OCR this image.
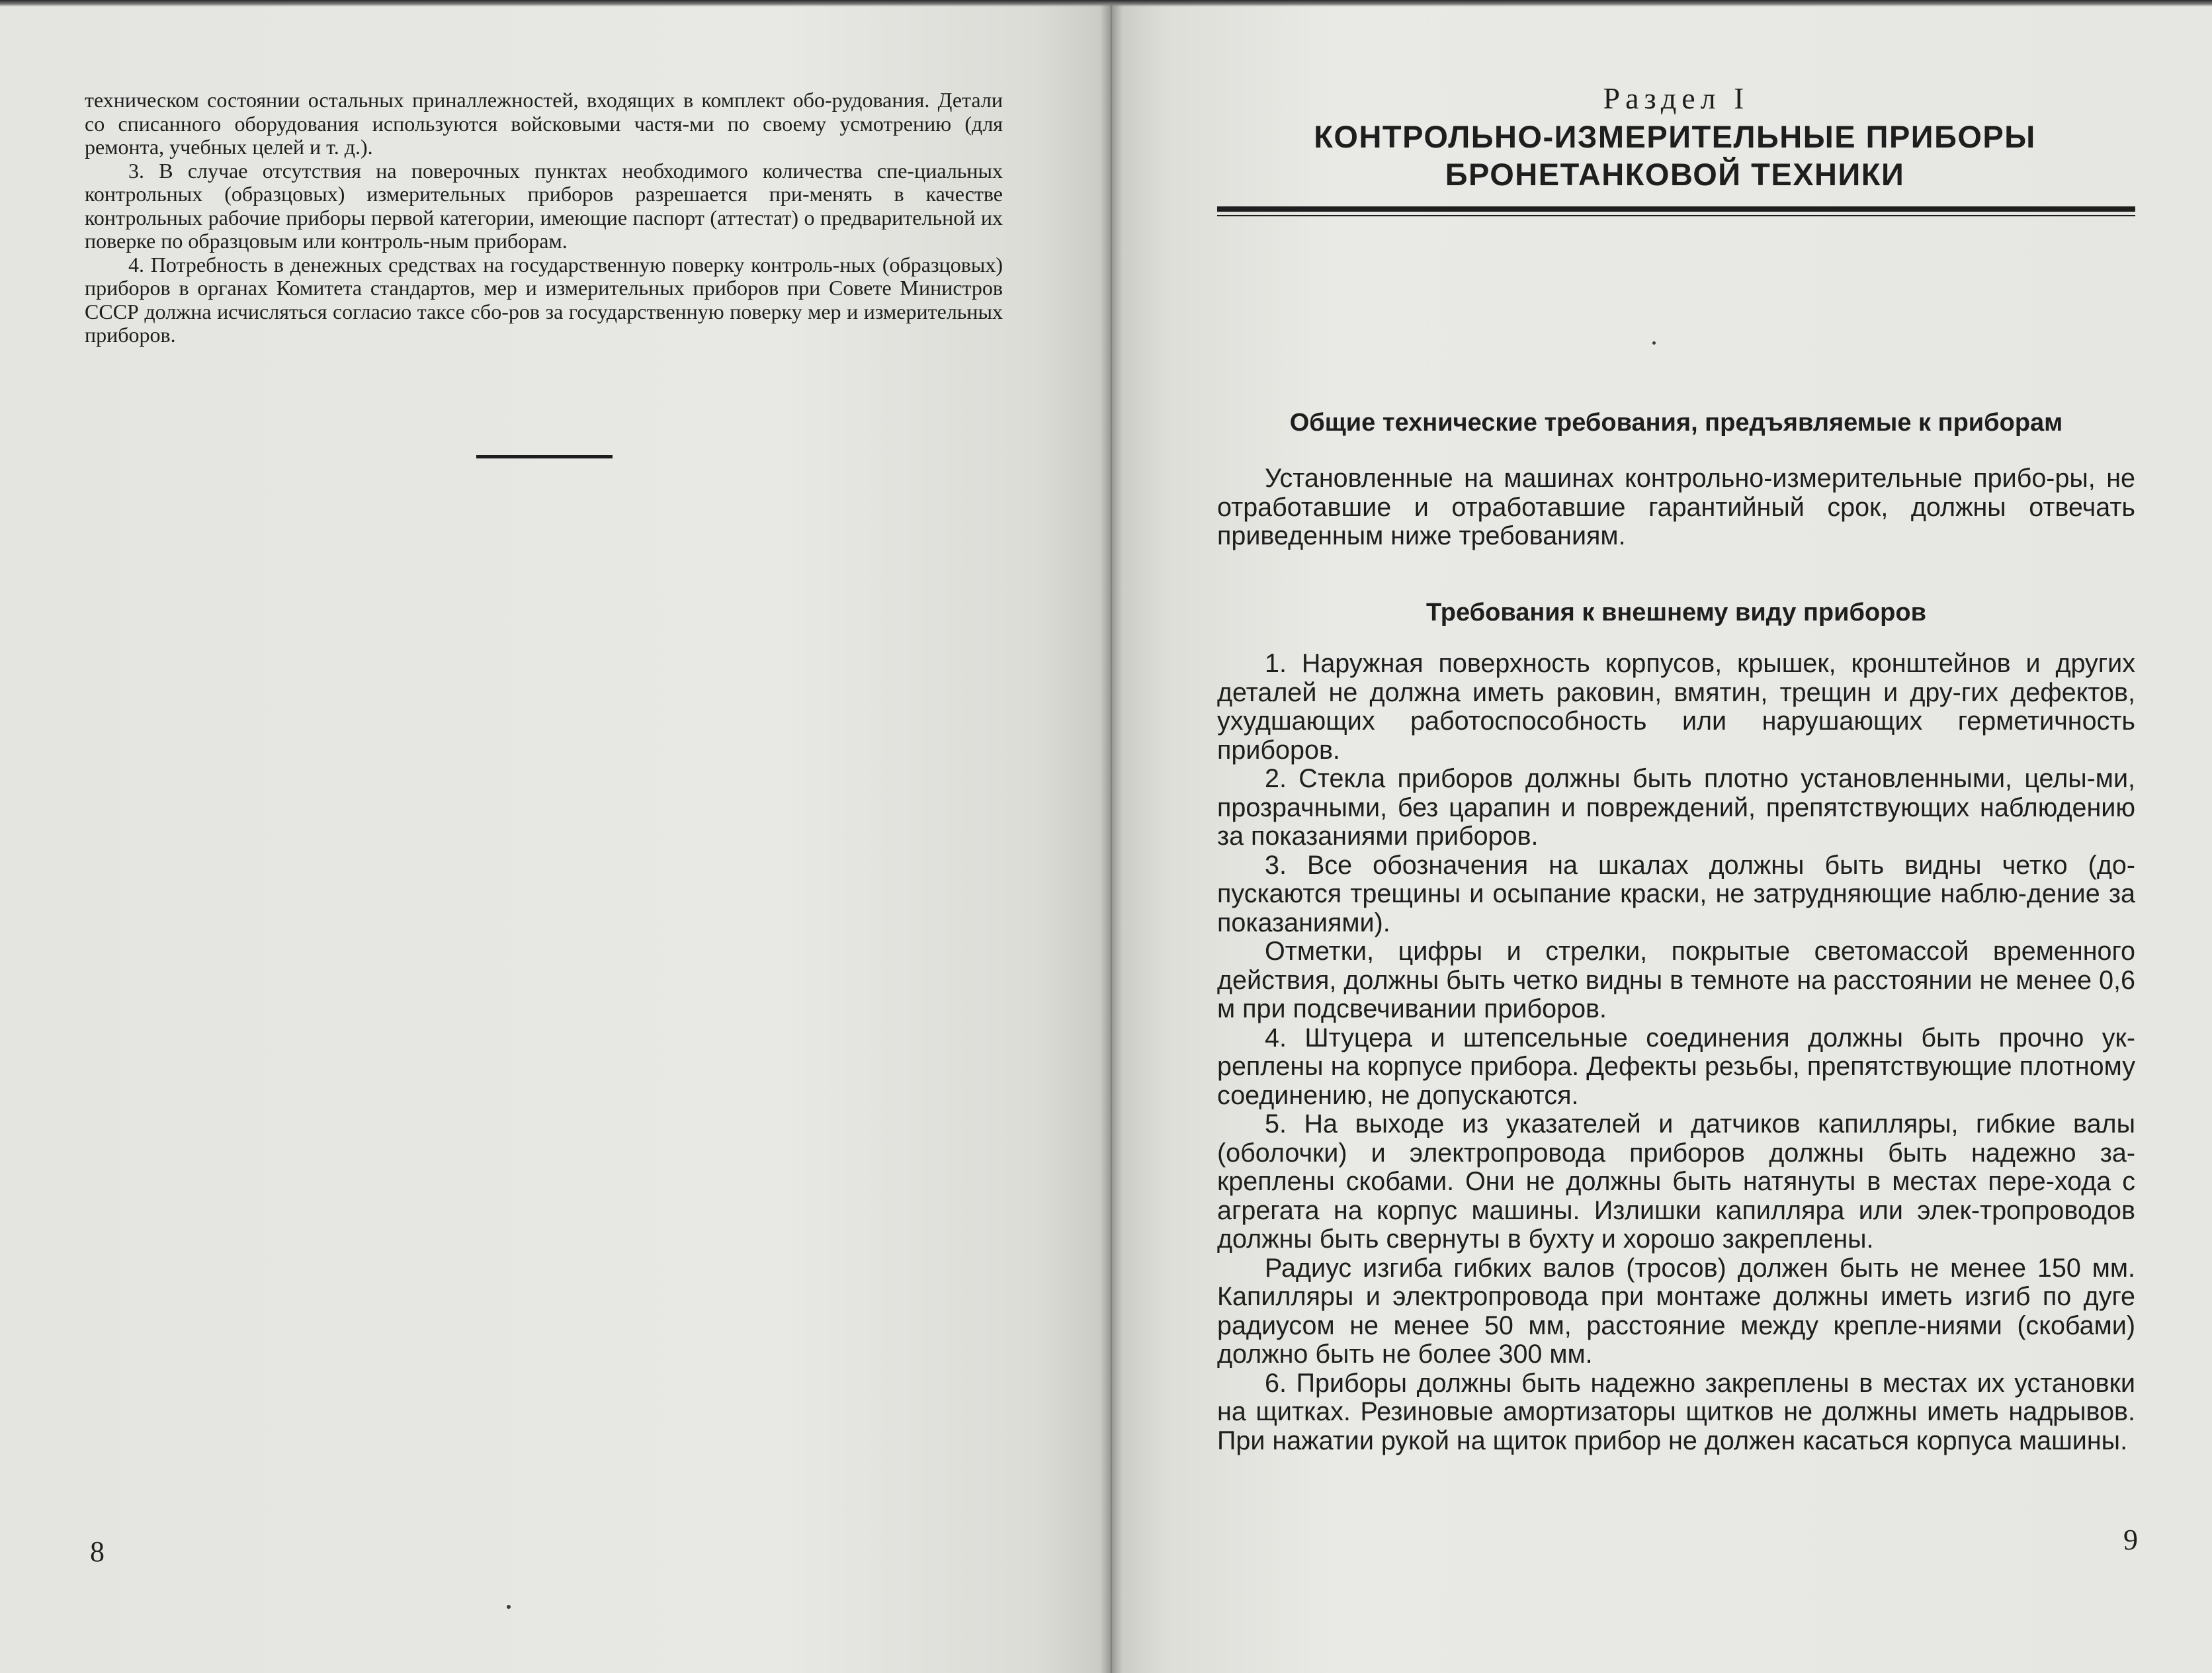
техническом состоянии остальных приналлежностей, входящих в комплект обо-рудования. Детали со списанного оборудования используются войсковыми частя-ми по своему усмотрению (для ремонта, учебных целей и т. д.).

3. В случае отсутствия на поверочных пунктах необходимого количества спе-циальных контрольных (образцовых) измерительных приборов разрешается при-менять в качестве контрольных рабочие приборы первой категории, имеющие паспорт (аттестат) о предварительной их поверке по образцовым или контроль-ным приборам.

4. Потребность в денежных средствах на государственную поверку контроль-ных (образцовых) приборов в органах Комитета стандартов, мер и измерительных приборов при Совете Министров СССР должна исчисляться согласио таксе сбо-ров за государственную поверку мер и измерительных приборов.

8
Раздел I
КОНТРОЛЬНО-ИЗМЕРИТЕЛЬНЫЕ ПРИБОРЫ
БРОНЕТАНКОВОЙ ТЕХНИКИ
Общие технические требования, предъявляемые к приборам

Установленные на машинах контрольно-измерительные прибо-ры, не отработавшие и отработавшие гарантийный срок, должны отвечать приведенным ниже требованиям.

Требования к внешнему виду приборов

1. Наружная поверхность корпусов, крышек, кронштейнов и других деталей не должна иметь раковин, вмятин, трещин и дру-гих дефектов, ухудшающих работоспособность или нарушающих герметичность приборов.

2. Стекла приборов должны быть плотно установленными, целы-ми, прозрачными, без царапин и повреждений, препятствующих наблюдению за показаниями приборов.

3. Все обозначения на шкалах должны быть видны четко (до-пускаются трещины и осыпание краски, не затрудняющие наблю-дение за показаниями).

Отметки, цифры и стрелки, покрытые светомассой временного действия, должны быть четко видны в темноте на расстоянии не менее 0,6 м при подсвечивании приборов.

4. Штуцера и штепсельные соединения должны быть прочно ук-реплены на корпусе прибора. Дефекты резьбы, препятствующие плотному соединению, не допускаются.

5. На выходе из указателей и датчиков капилляры, гибкие валы (оболочки) и электропровода приборов должны быть надежно за-креплены скобами. Они не должны быть натянуты в местах пере-хода с агрегата на корпус машины. Излишки капилляра или элек-тропроводов должны быть свернуты в бухту и хорошо закреплены.

Радиус изгиба гибких валов (тросов) должен быть не менее 150 мм. Капилляры и электропровода при монтаже должны иметь изгиб по дуге радиусом не менее 50 мм, расстояние между крепле-ниями (скобами) должно быть не более 300 мм.

6. Приборы должны быть надежно закреплены в местах их установки на щитках. Резиновые амортизаторы щитков не должны иметь надрывов. При нажатии рукой на щиток прибор не должен касаться корпуса машины.

9
